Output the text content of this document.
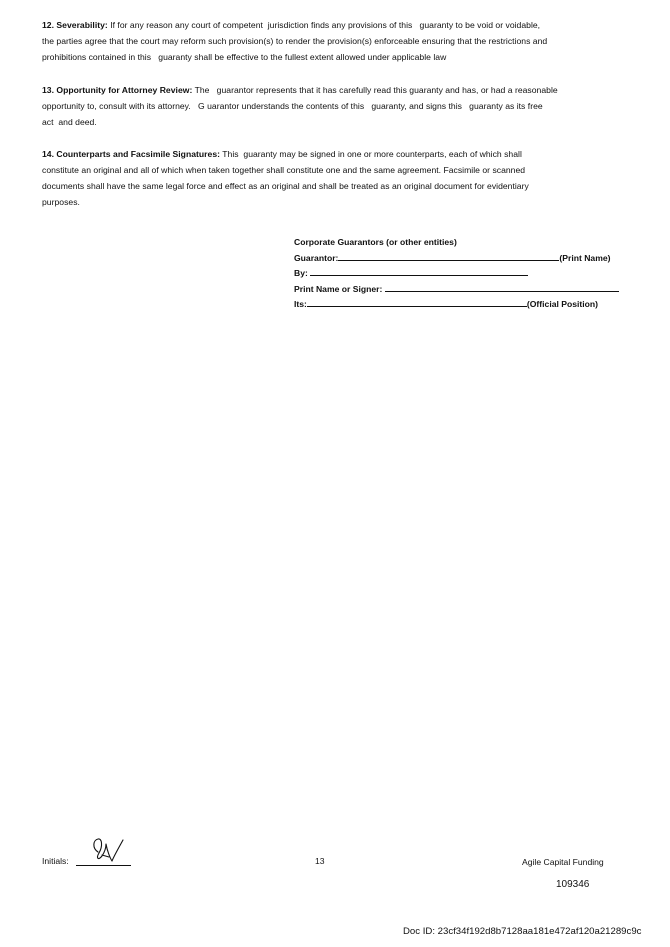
12. Severability: If for any reason any court of competent  jurisdiction finds any provisions of this   guaranty to be void or voidable,
the parties agree that the court may reform such provision(s) to render the provision(s) enforceable ensuring that the restrictions and
prohibitions contained in this   guaranty shall be effective to the fullest extent allowed under applicable law
13. Opportunity for Attorney Review: The   guarantor represents that it has carefully read this guaranty and has, or had a reasonable
opportunity to, consult with its attorney.   G uarantor understands the contents of this   guaranty, and signs this   guaranty as its free
act  and deed.
14. Counterparts and Facsimile Signatures: This  guaranty may be signed in one or more counterparts, each of which shall
constitute an original and all of which when taken together shall constitute one and the same agreement. Facsimile or scanned
documents shall have the same legal force and effect as an original and shall be treated as an original document for evidentiary
purposes.
Corporate Guarantors (or other entities)
Guarantor:	(Print Name)
By:
Print Name or Signer:
Its:	(Official Position)
Initials:	13	Agile Capital Funding
109346
Doc ID: 23cf34f192d8b7128aa181e472af120a21289c9c
